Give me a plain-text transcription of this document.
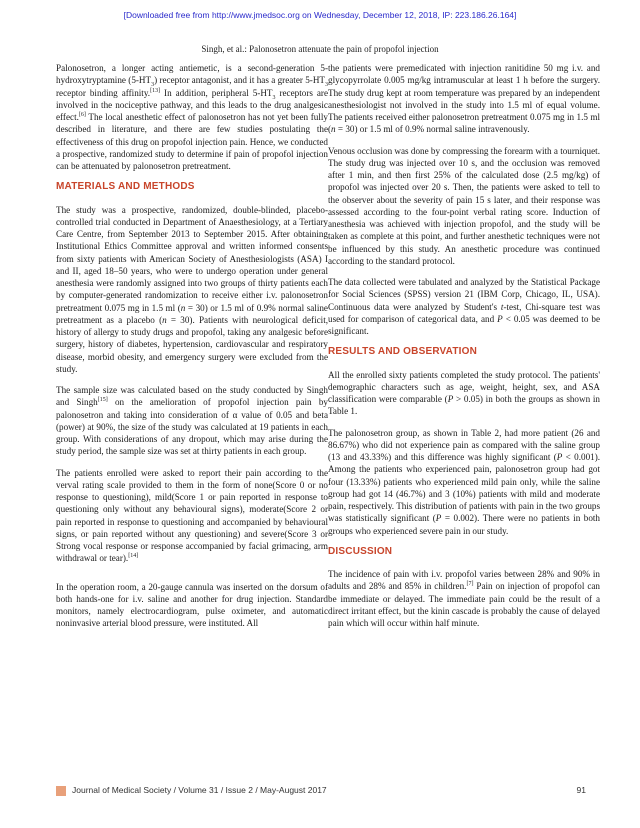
[Downloaded free from http://www.jmedsoc.org on Wednesday, December 12, 2018, IP: 223.186.26.164]
Singh, et al.: Palonosetron attenuate the pain of propofol injection

Palonosetron, a longer acting antiemetic, is a second-generation 5-hydroxytryptamine $(5-HT_3)$ receptor antagonist, and it has a greater $5-HT_3$ receptor binding affinity.[13] In addition, peripheral $5-HT_3$ receptors are involved in the nociceptive pathway, and this leads to the drug analgesic effect.[6] The local anesthetic effect of palonosetron has not yet been fully described in literature, and there are few studies postulating the effectiveness of this drug on propofol injection pain. Hence, we conducted a prospective, randomized study to determine if pain of propofol injection can be attenuated by palonosetron pretreatment.

MATERIALS AND METHODS

The study was a prospective, randomized, double-blinded, placebo-controlled trial conducted in Department of Anaesthesiology, at a Tertiary Care Centre, from September 2013 to September 2015. After obtaining Institutional Ethics Committee approval and written informed consents from sixty patients with American Society of Anesthesiologists (ASA) I and II, aged 18–50 years, who were to undergo operation under general anesthesia were randomly assigned into two groups of thirty patients each by computer-generated randomization to receive either i.v. palonosetron pretreatment 0.075 mg in 1.5 ml (n = 30) or 1.5 ml of 0.9% normal saline pretreatment as a placebo (n = 30). Patients with neurological deficit, history of allergy to study drugs and propofol, taking any analgesic before surgery, history of diabetes, hypertension, cardiovascular and respiratory disease, morbid obesity, and emergency surgery were excluded from the study.

The sample size was calculated based on the study conducted by Singh and Singh[15] on the amelioration of propofol injection pain by palonosetron and taking into consideration of α value of 0.05 and beta (power) at 90%, the size of the study was calculated at 19 patients in each group. With considerations of any dropout, which may arise during the study period, the sample size was set at thirty patients in each group.

The patients enrolled were asked to report their pain according to the verval rating scale provided to them in the form of none(Score 0 or no response to questioning), mild(Score 1 or pain reported in response to questioning only without any behavioural signs), moderate(Score 2 or pain reported in response to questioning and accompanied by behavioural signs, or pain reported without any questioning) and severe(Score 3 or Strong vocal response or response accompanied by facial grimacing, arm withdrawal or tear).[14]

In the operation room, a 20-gauge cannula was inserted on the dorsum of both hands-one for i.v. saline and another for drug injection. Standard monitors, namely electrocardiogram, pulse oximeter, and automatic noninvasive arterial blood pressure, were instituted. All

the patients were premedicated with injection ranitidine 50 mg i.v. and glycopyrrolate 0.005 mg/kg intramuscular at least 1 h before the surgery. The study drug kept at room temperature was prepared by an independent anesthesiologist not involved in the study into 1.5 ml of equal volume. The patients received either palonosetron pretreatment 0.075 mg in 1.5 ml (n = 30) or 1.5 ml of 0.9% normal saline intravenously.

Venous occlusion was done by compressing the forearm with a tourniquet. The study drug was injected over 10 s, and the occlusion was removed after 1 min, and then first 25% of the calculated dose (2.5 mg/kg) of propofol was injected over 20 s. Then, the patients were asked to tell to the observer about the severity of pain 15 s later, and their response was assessed according to the four-point verbal rating score. Induction of anesthesia was achieved with injection propofol, and the study will be taken as complete at this point, and further anesthetic techniques were not be influenced by this study. An anesthetic procedure was continued according to the standard protocol.

The data collected were tabulated and analyzed by the Statistical Package for Social Sciences (SPSS) version 21 (IBM Corp, Chicago, IL, USA). Continuous data were analyzed by Student's t-test, Chi-square test was used for comparison of categorical data, and P < 0.05 was deemed to be significant.

RESULTS AND OBSERVATION

All the enrolled sixty patients completed the study protocol. The patients' demographic characters such as age, weight, height, sex, and ASA classification were comparable (P > 0.05) in both the groups as shown in Table 1.

The palonosetron group, as shown in Table 2, had more patient (26 and 86.67%) who did not experience pain as compared with the saline group (13 and 43.33%) and this difference was highly significant (P < 0.001). Among the patients who experienced pain, palonosetron group had got four (13.33%) patients who experienced mild pain only, while the saline group had got 14 (46.7%) and 3 (10%) patients with mild and moderate pain, respectively. This distribution of patients with pain in the two groups was statistically significant (P = 0.002). There were no patients in both groups who experienced severe pain in our study.

DISCUSSION

The incidence of pain with i.v. propofol varies between 28% and 90% in adults and 28% and 85% in children.[7] Pain on injection of propofol can be immediate or delayed. The immediate pain could be the result of a direct irritant effect, but the kinin cascade is probably the cause of delayed pain which will occur within half minute.

Journal of Medical Society / Volume 31 / Issue 2 / May-August 2017	91
